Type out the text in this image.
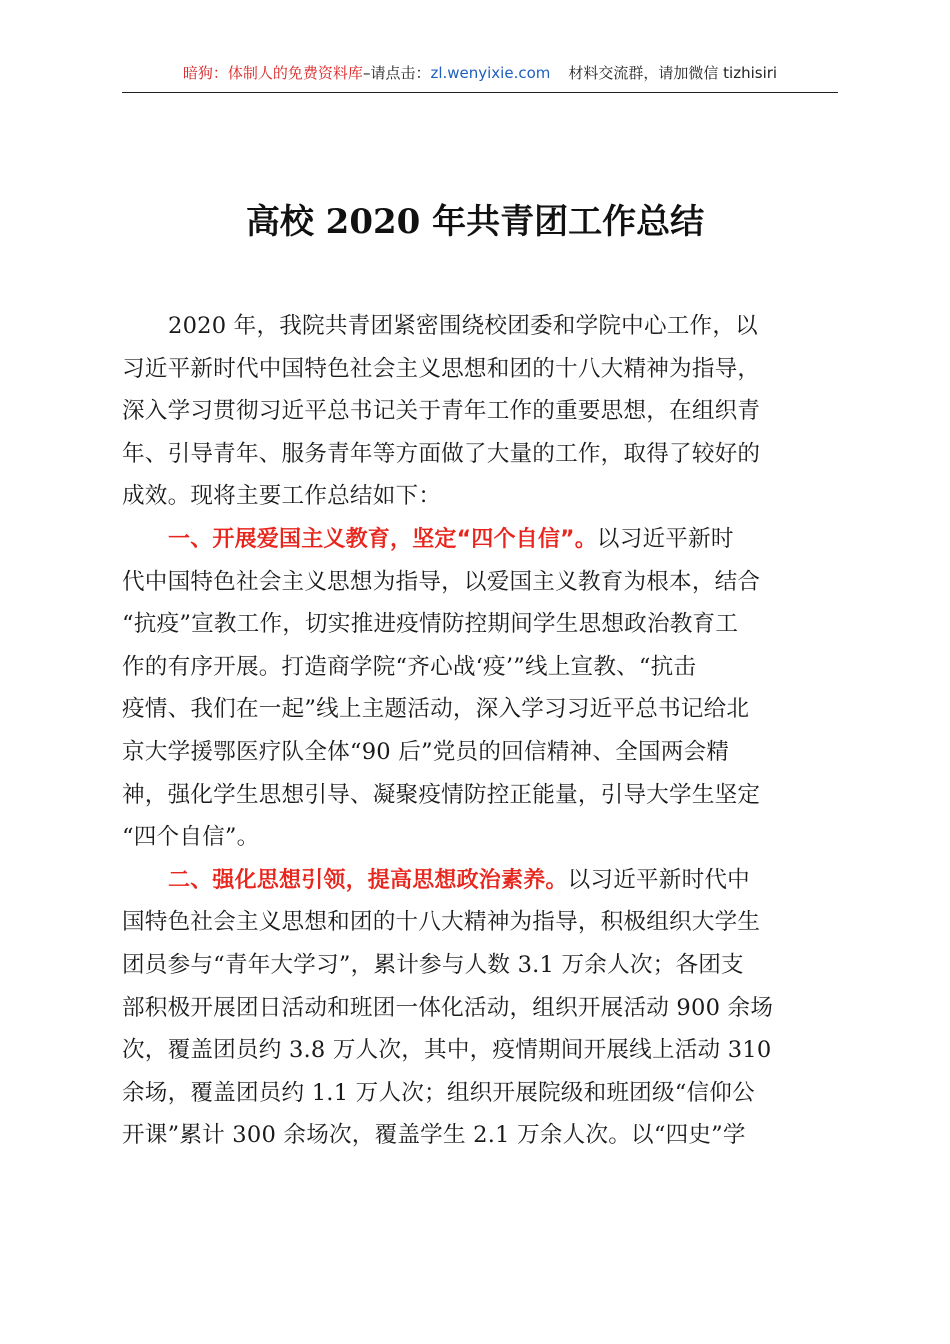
暗狗：体制人的免费资料库–请点击：zl.wenyixie.com 材料交流群，请加微信 tizhisiri
高校 2020 年共青团工作总结
2020 年，我院共青团紧密围绕校团委和学院中心工作，以
习近平新时代中国特色社会主义思想和团的十八大精神为指导，
深入学习贯彻习近平总书记关于青年工作的重要思想，在组织青
年、引导青年、服务青年等方面做了大量的工作，取得了较好的
成效。现将主要工作总结如下：
一、开展爱国主义教育，坚定“四个自信”。以习近平新时
代中国特色社会主义思想为指导，以爱国主义教育为根本，结合
“抗疫”宣教工作，切实推进疫情防控期间学生思想政治教育工
作的有序开展。打造商学院“齐心战‘疫’”线上宣教、“抗击
疫情、我们在一起”线上主题活动，深入学习习近平总书记给北
京大学援鄂医疗队全体“90 后”党员的回信精神、全国两会精
神，强化学生思想引导、凝聚疫情防控正能量，引导大学生坚定
“四个自信”。
二、强化思想引领，提高思想政治素养。以习近平新时代中
国特色社会主义思想和团的十八大精神为指导，积极组织大学生
团员参与“青年大学习”，累计参与人数 3.1 万余人次；各团支
部积极开展团日活动和班团一体化活动，组织开展活动 900 余场
次，覆盖团员约 3.8 万人次，其中，疫情期间开展线上活动 310
余场，覆盖团员约 1.1 万人次；组织开展院级和班团级“信仰公
开课”累计 300 余场次，覆盖学生 2.1 万余人次。以“四史”学
